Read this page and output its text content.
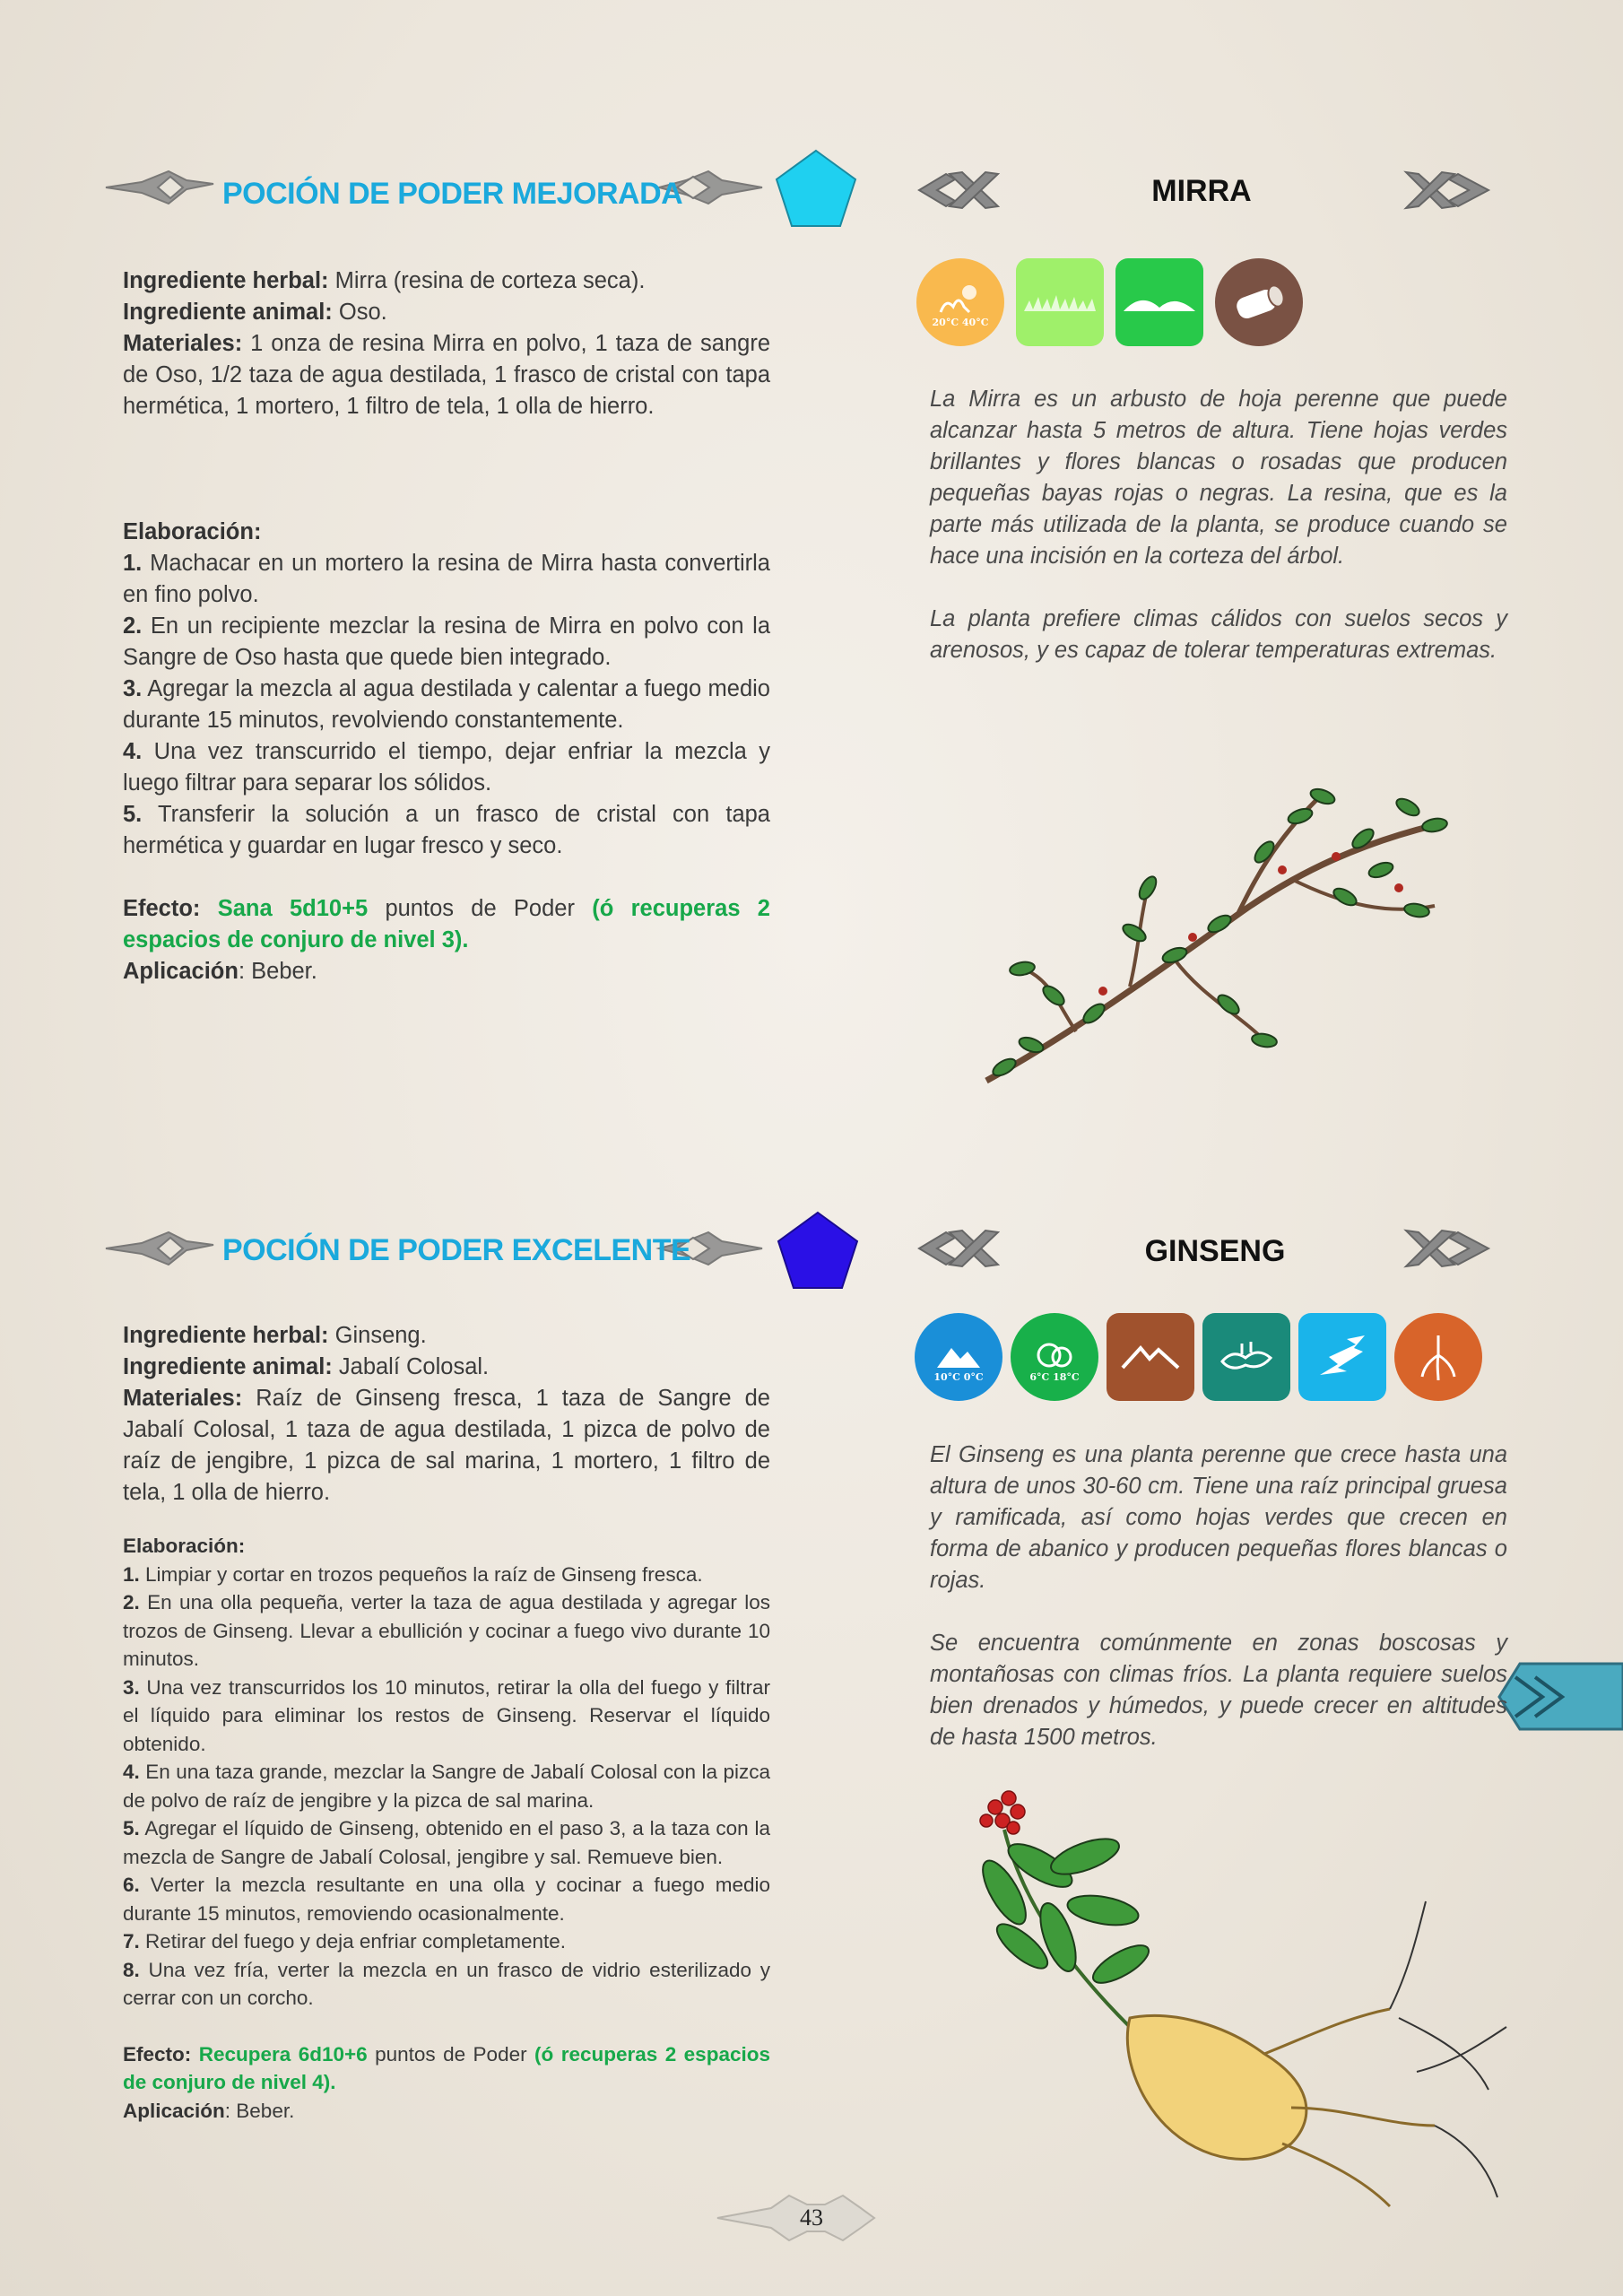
POCIÓN DE PODER MEJORADA

Ingrediente herbal: Mirra (resina de corteza seca).

Ingrediente animal: Oso.

Materiales: 1 onza de resina Mirra en polvo, 1 taza de sangre de Oso, 1/2 taza de agua destilada, 1 frasco de cristal con tapa hermética, 1 mortero, 1 filtro de tela, 1 olla de hierro.

Elaboración:

1. Machacar en un mortero la resina de Mirra hasta convertirla en fino polvo.

2. En un recipiente mezclar la resina de Mirra en polvo con la Sangre de Oso hasta que quede bien integrado.

3. Agregar la mezcla al agua destilada y calentar a fuego medio durante 15 minutos, revolviendo constantemente.

4. Una vez transcurrido el tiempo, dejar enfriar la mezcla y luego filtrar para separar los sólidos.

5. Transferir la solución a un frasco de cristal con tapa hermética y guardar en lugar fresco y seco.

Efecto: Sana 5d10+5 puntos de Poder (ó recuperas 2 espacios de conjuro de nivel 3).

Aplicación: Beber.

MIRRA
20°C 40°C

La Mirra es un arbusto de hoja perenne que puede alcanzar hasta 5 metros de altura. Tiene hojas verdes brillantes y flores blancas o rosadas que producen pequeñas bayas rojas o negras. La resina, que es la parte más utilizada de la planta, se produce cuando se hace una incisión en la corteza del árbol.

La planta prefiere climas cálidos con suelos secos y arenosos, y es capaz de tolerar temperaturas extremas.

POCIÓN DE PODER EXCELENTE

Ingrediente herbal: Ginseng.

Ingrediente animal: Jabalí Colosal.

Materiales: Raíz de Ginseng fresca, 1 taza de Sangre de Jabalí Colosal, 1 taza de agua destilada, 1 pizca de polvo de raíz de jengibre, 1 pizca de sal marina, 1 mortero, 1 filtro de tela, 1 olla de hierro.

Elaboración:

1. Limpiar y cortar en trozos pequeños la raíz de Ginseng fresca.

2. En una olla pequeña, verter la taza de agua destilada y agregar los trozos de Ginseng. Llevar a ebullición y cocinar a fuego vivo durante 10 minutos.

3. Una vez transcurridos los 10 minutos, retirar la olla del fuego y filtrar el líquido para eliminar los restos de Ginseng. Reservar el líquido obtenido.

4. En una taza grande, mezclar la Sangre de Jabalí Colosal con la pizca de polvo de raíz de jengibre y la pizca de sal marina.

5. Agregar el líquido de Ginseng, obtenido en el paso 3, a la taza con la mezcla de Sangre de Jabalí Colosal, jengibre y sal. Remueve bien.

6. Verter la mezcla resultante en una olla y cocinar a fuego medio durante 15 minutos, removiendo ocasionalmente.

7. Retirar del fuego y deja enfriar completamente.

8. Una vez fría, verter la mezcla en un frasco de vidrio esterilizado y cerrar con un corcho.

Efecto: Recupera 6d10+6 puntos de Poder (ó recuperas 2 espacios de conjuro de nivel 4).

Aplicación: Beber.

GINSENG
10°C 0°C	6°C 18°C

El Ginseng es una planta perenne que crece hasta una altura de unos 30-60 cm. Tiene una raíz principal gruesa y ramificada, así como hojas verdes que crecen en forma de abanico y producen pequeñas flores blancas o rojas.

Se encuentra comúnmente en zonas boscosas y montañosas con climas fríos. La planta requiere suelos bien drenados y húmedos, y puede crecer en altitudes de hasta 1500 metros.

43
